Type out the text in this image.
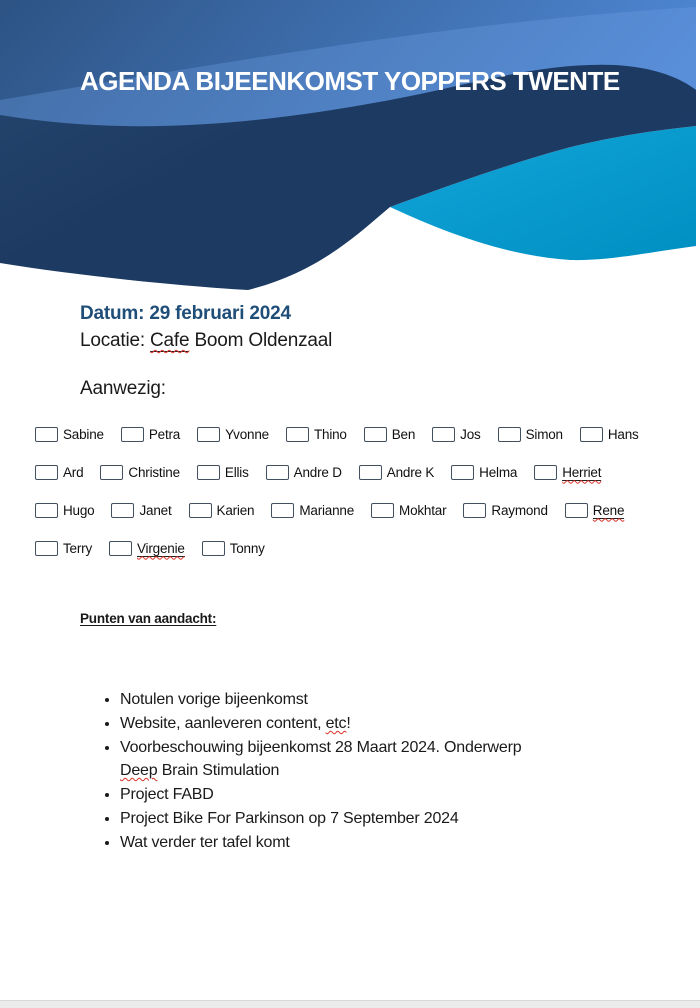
AGENDA BIJEENKOMST YOPPERS TWENTE
Datum: 29 februari 2024
Locatie: Cafe Boom Oldenzaal
Aanwezig:
Sabine	Petra	Yvonne	Thino	Ben	Jos	Simon	Hans
Ard	Christine	Ellis	Andre D	Andre K	Helma	Herriet
Hugo	Janet	Karien	Marianne	Mokhtar	Raymond	Rene
Terry	Virgenie	Tonny
Punten van aandacht:
• Notulen vorige bijeenkomst
• Website, aanleveren content, etc!
• Voorbeschouwing bijeenkomst 28 Maart 2024. Onderwerp
Deep Brain Stimulation
• Project FABD
• Project Bike For Parkinson op 7 September 2024
• Wat verder ter tafel komt
